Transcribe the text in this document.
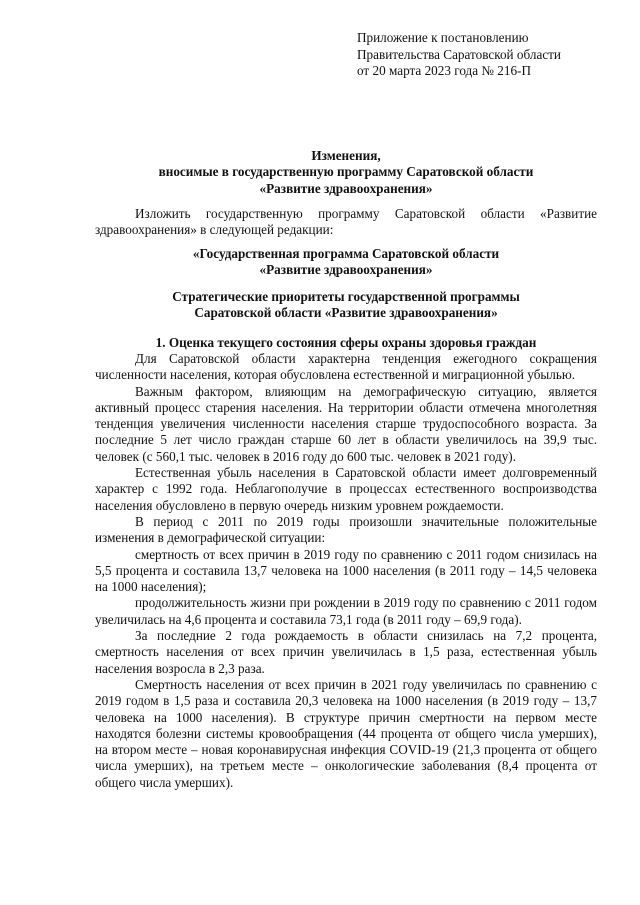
Приложение к постановлению
Правительства Саратовской области
от 20 марта 2023 года № 216-П
Изменения,
вносимые в государственную программу Саратовской области
«Развитие здравоохранения»

Изложить государственную программу Саратовской области «Развитие здравоохранения» в следующей редакции:

«Государственная программа Саратовской области
«Развитие здравоохранения»
Стратегические приоритеты государственной программы
Саратовской области «Развитие здравоохранения»
1. Оценка текущего состояния сферы охраны здоровья граждан

Для Саратовской области характерна тенденция ежегодного сокращения численности населения, которая обусловлена естественной и миграционной убылью.

Важным фактором, влияющим на демографическую ситуацию, является активный процесс старения населения. На территории области отмечена многолетняя тенденция увеличения численности населения старше трудоспособного возраста. За последние 5 лет число граждан старше 60 лет в области увеличилось на 39,9 тыс. человек (с 560,1 тыс. человек в 2016 году до 600 тыс. человек в 2021 году).

Естественная убыль населения в Саратовской области имеет долговременный характер с 1992 года. Неблагополучие в процессах естественного воспроизводства населения обусловлено в первую очередь низким уровнем рождаемости.

В период с 2011 по 2019 годы произошли значительные положительные изменения в демографической ситуации:

смертность от всех причин в 2019 году по сравнению с 2011 годом снизилась на 5,5 процента и составила 13,7 человека на 1000 населения (в 2011 году – 14,5 человека на 1000 населения);

продолжительность жизни при рождении в 2019 году по сравнению с 2011 годом увеличилась на 4,6 процента и составила 73,1 года (в 2011 году – 69,9 года).

За последние 2 года рождаемость в области снизилась на 7,2 процента, смертность населения от всех причин увеличилась в 1,5 раза, естественная убыль населения возросла в 2,3 раза.

Смертность населения от всех причин в 2021 году увеличилась по сравнению с 2019 годом в 1,5 раза и составила 20,3 человека на 1000 населения (в 2019 году – 13,7 человека на 1000 населения). В структуре причин смертности на первом месте находятся болезни системы кровообращения (44 процента от общего числа умерших), на втором месте – новая коронавирусная инфекция COVID-19 (21,3 процента от общего числа умерших), на третьем месте – онкологические заболевания (8,4 процента от общего числа умерших).
